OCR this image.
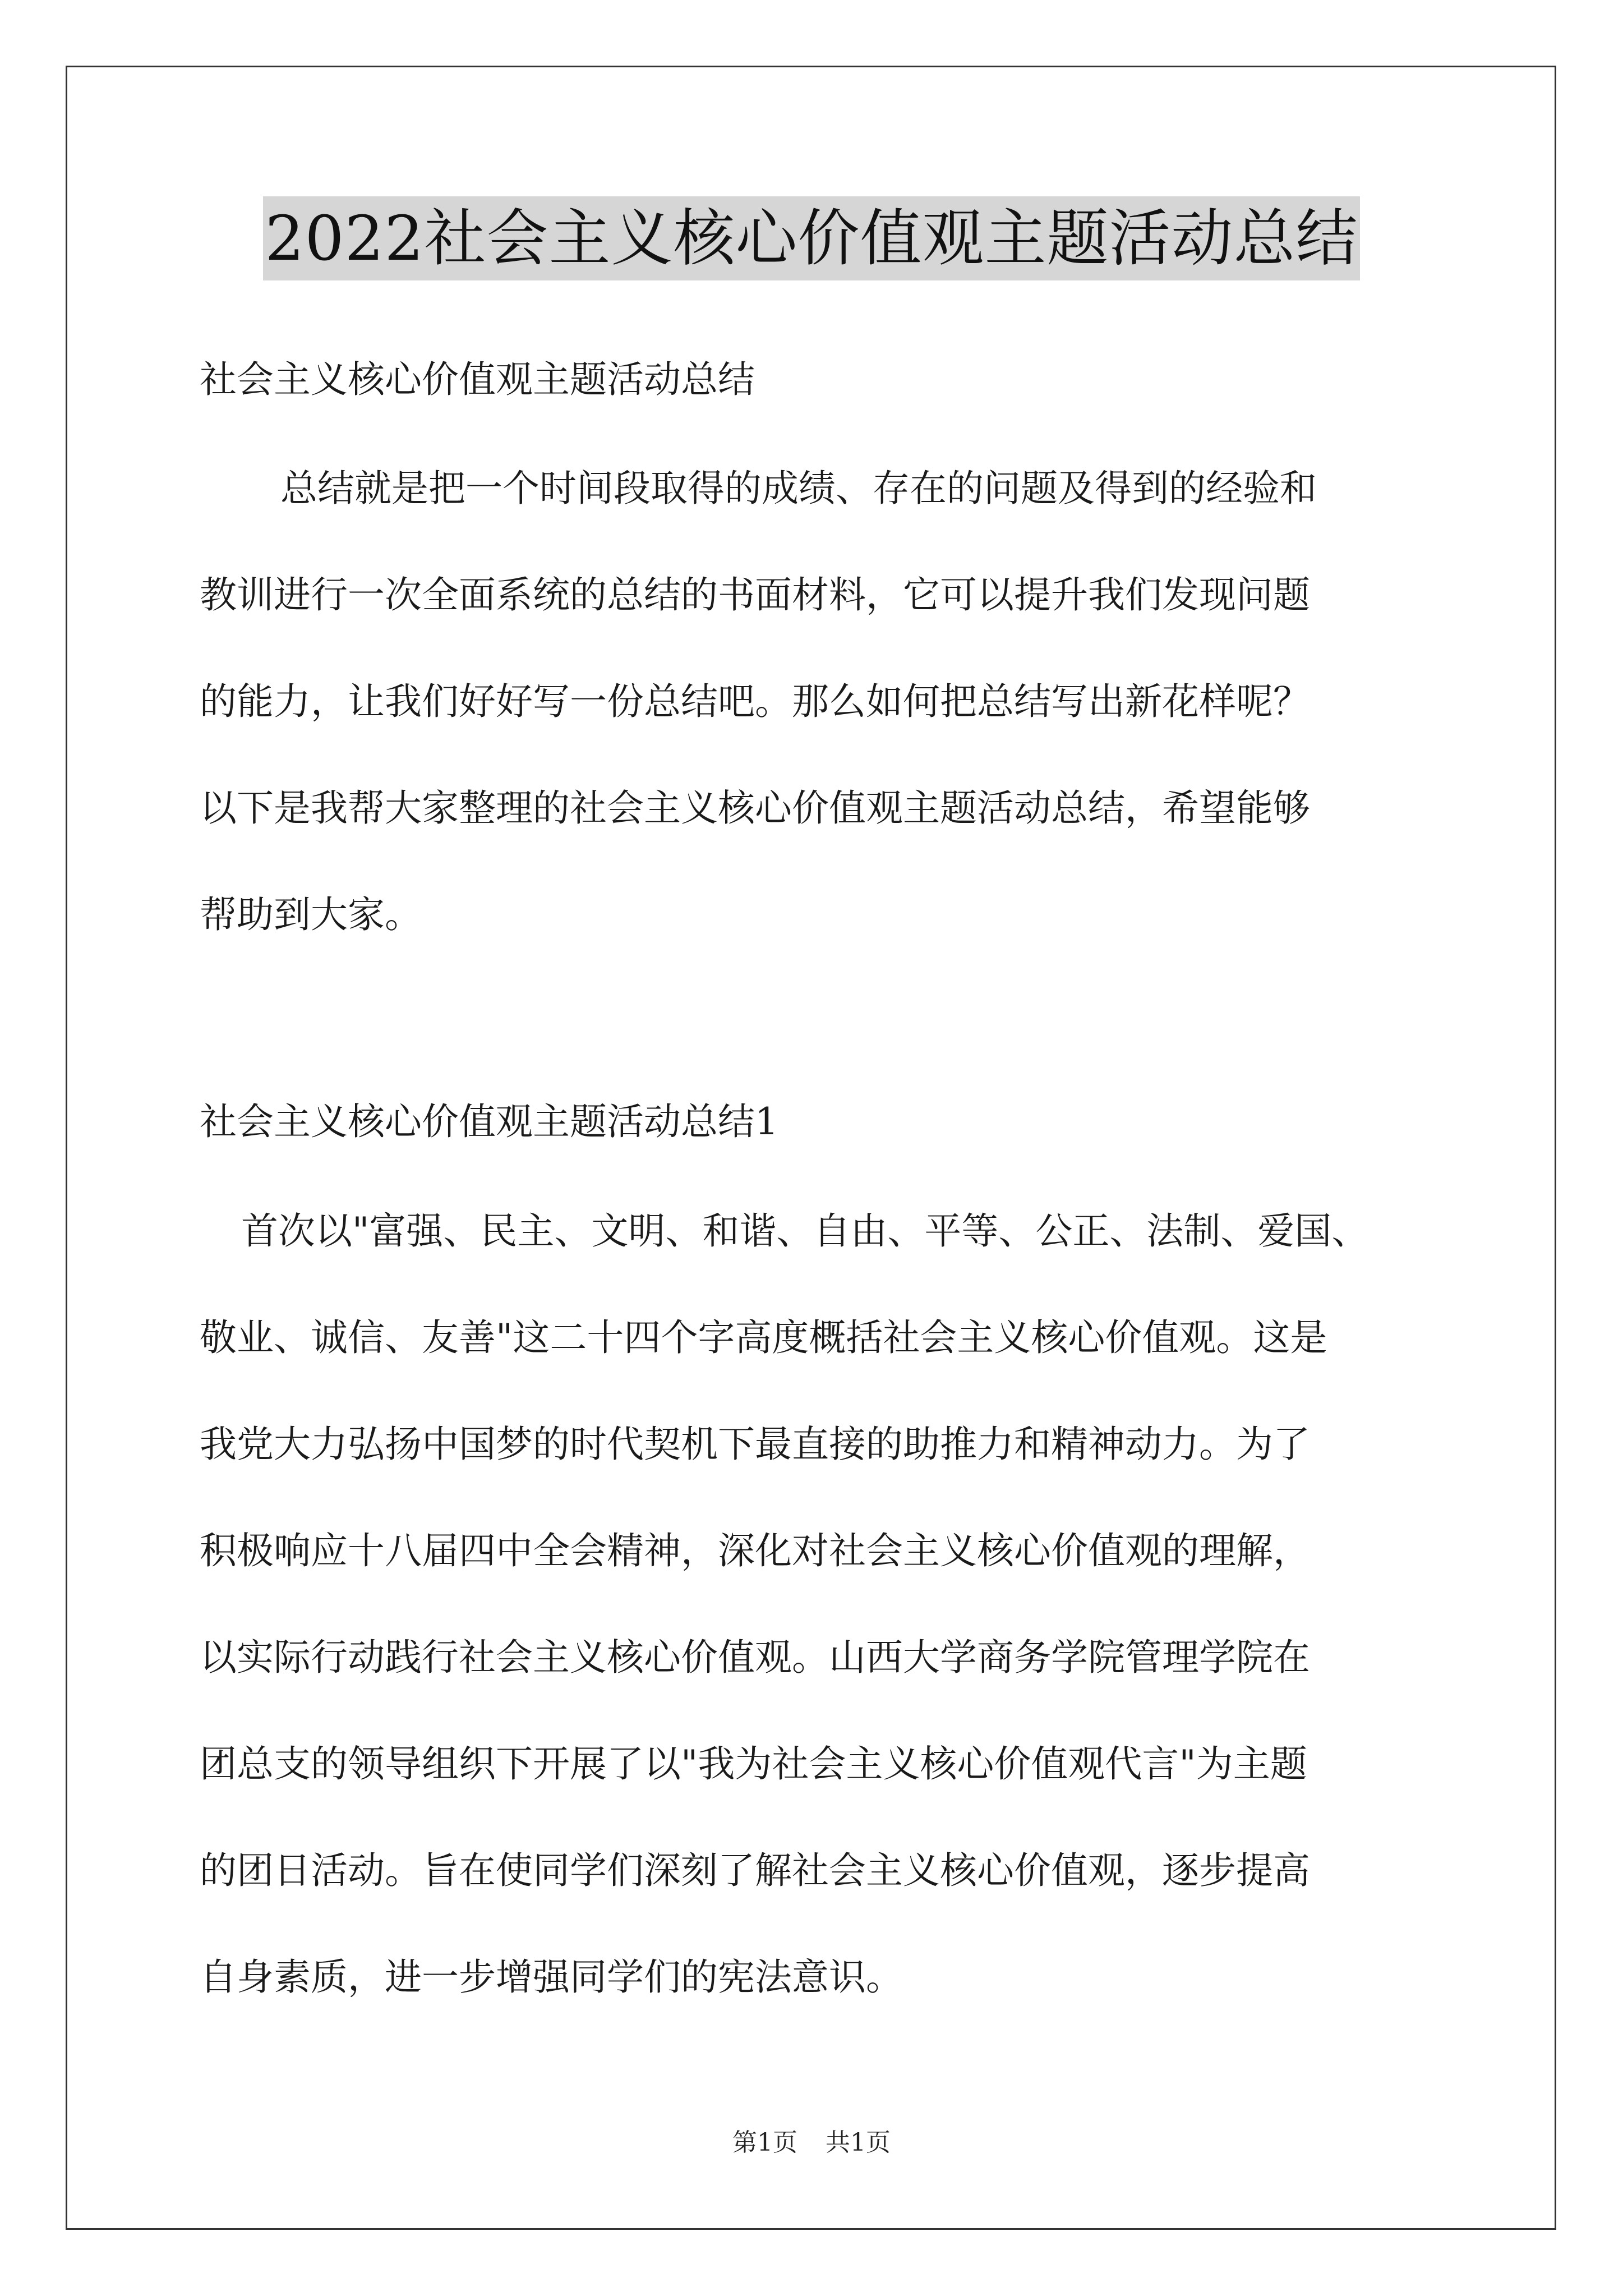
2022社会主义核心价值观主题活动总结
社会主义核心价值观主题活动总结
总结就是把一个时间段取得的成绩、存在的问题及得到的经验和
教训进行一次全面系统的总结的书面材料，它可以提升我们发现问题
的能力，让我们好好写一份总结吧。那么如何把总结写出新花样呢？
以下是我帮大家整理的社会主义核心价值观主题活动总结，希望能够
帮助到大家。
社会主义核心价值观主题活动总结1
首次以"富强、民主、文明、和谐、自由、平等、公正、法制、爱国、
敬业、诚信、友善"这二十四个字高度概括社会主义核心价值观。这是
我党大力弘扬中国梦的时代契机下最直接的助推力和精神动力。为了
积极响应十八届四中全会精神，深化对社会主义核心价值观的理解，
以实际行动践行社会主义核心价值观。山西大学商务学院管理学院在
团总支的领导组织下开展了以"我为社会主义核心价值观代言"为主题
的团日活动。旨在使同学们深刻了解社会主义核心价值观，逐步提高
自身素质，进一步增强同学们的宪法意识。
第1页 共1页
